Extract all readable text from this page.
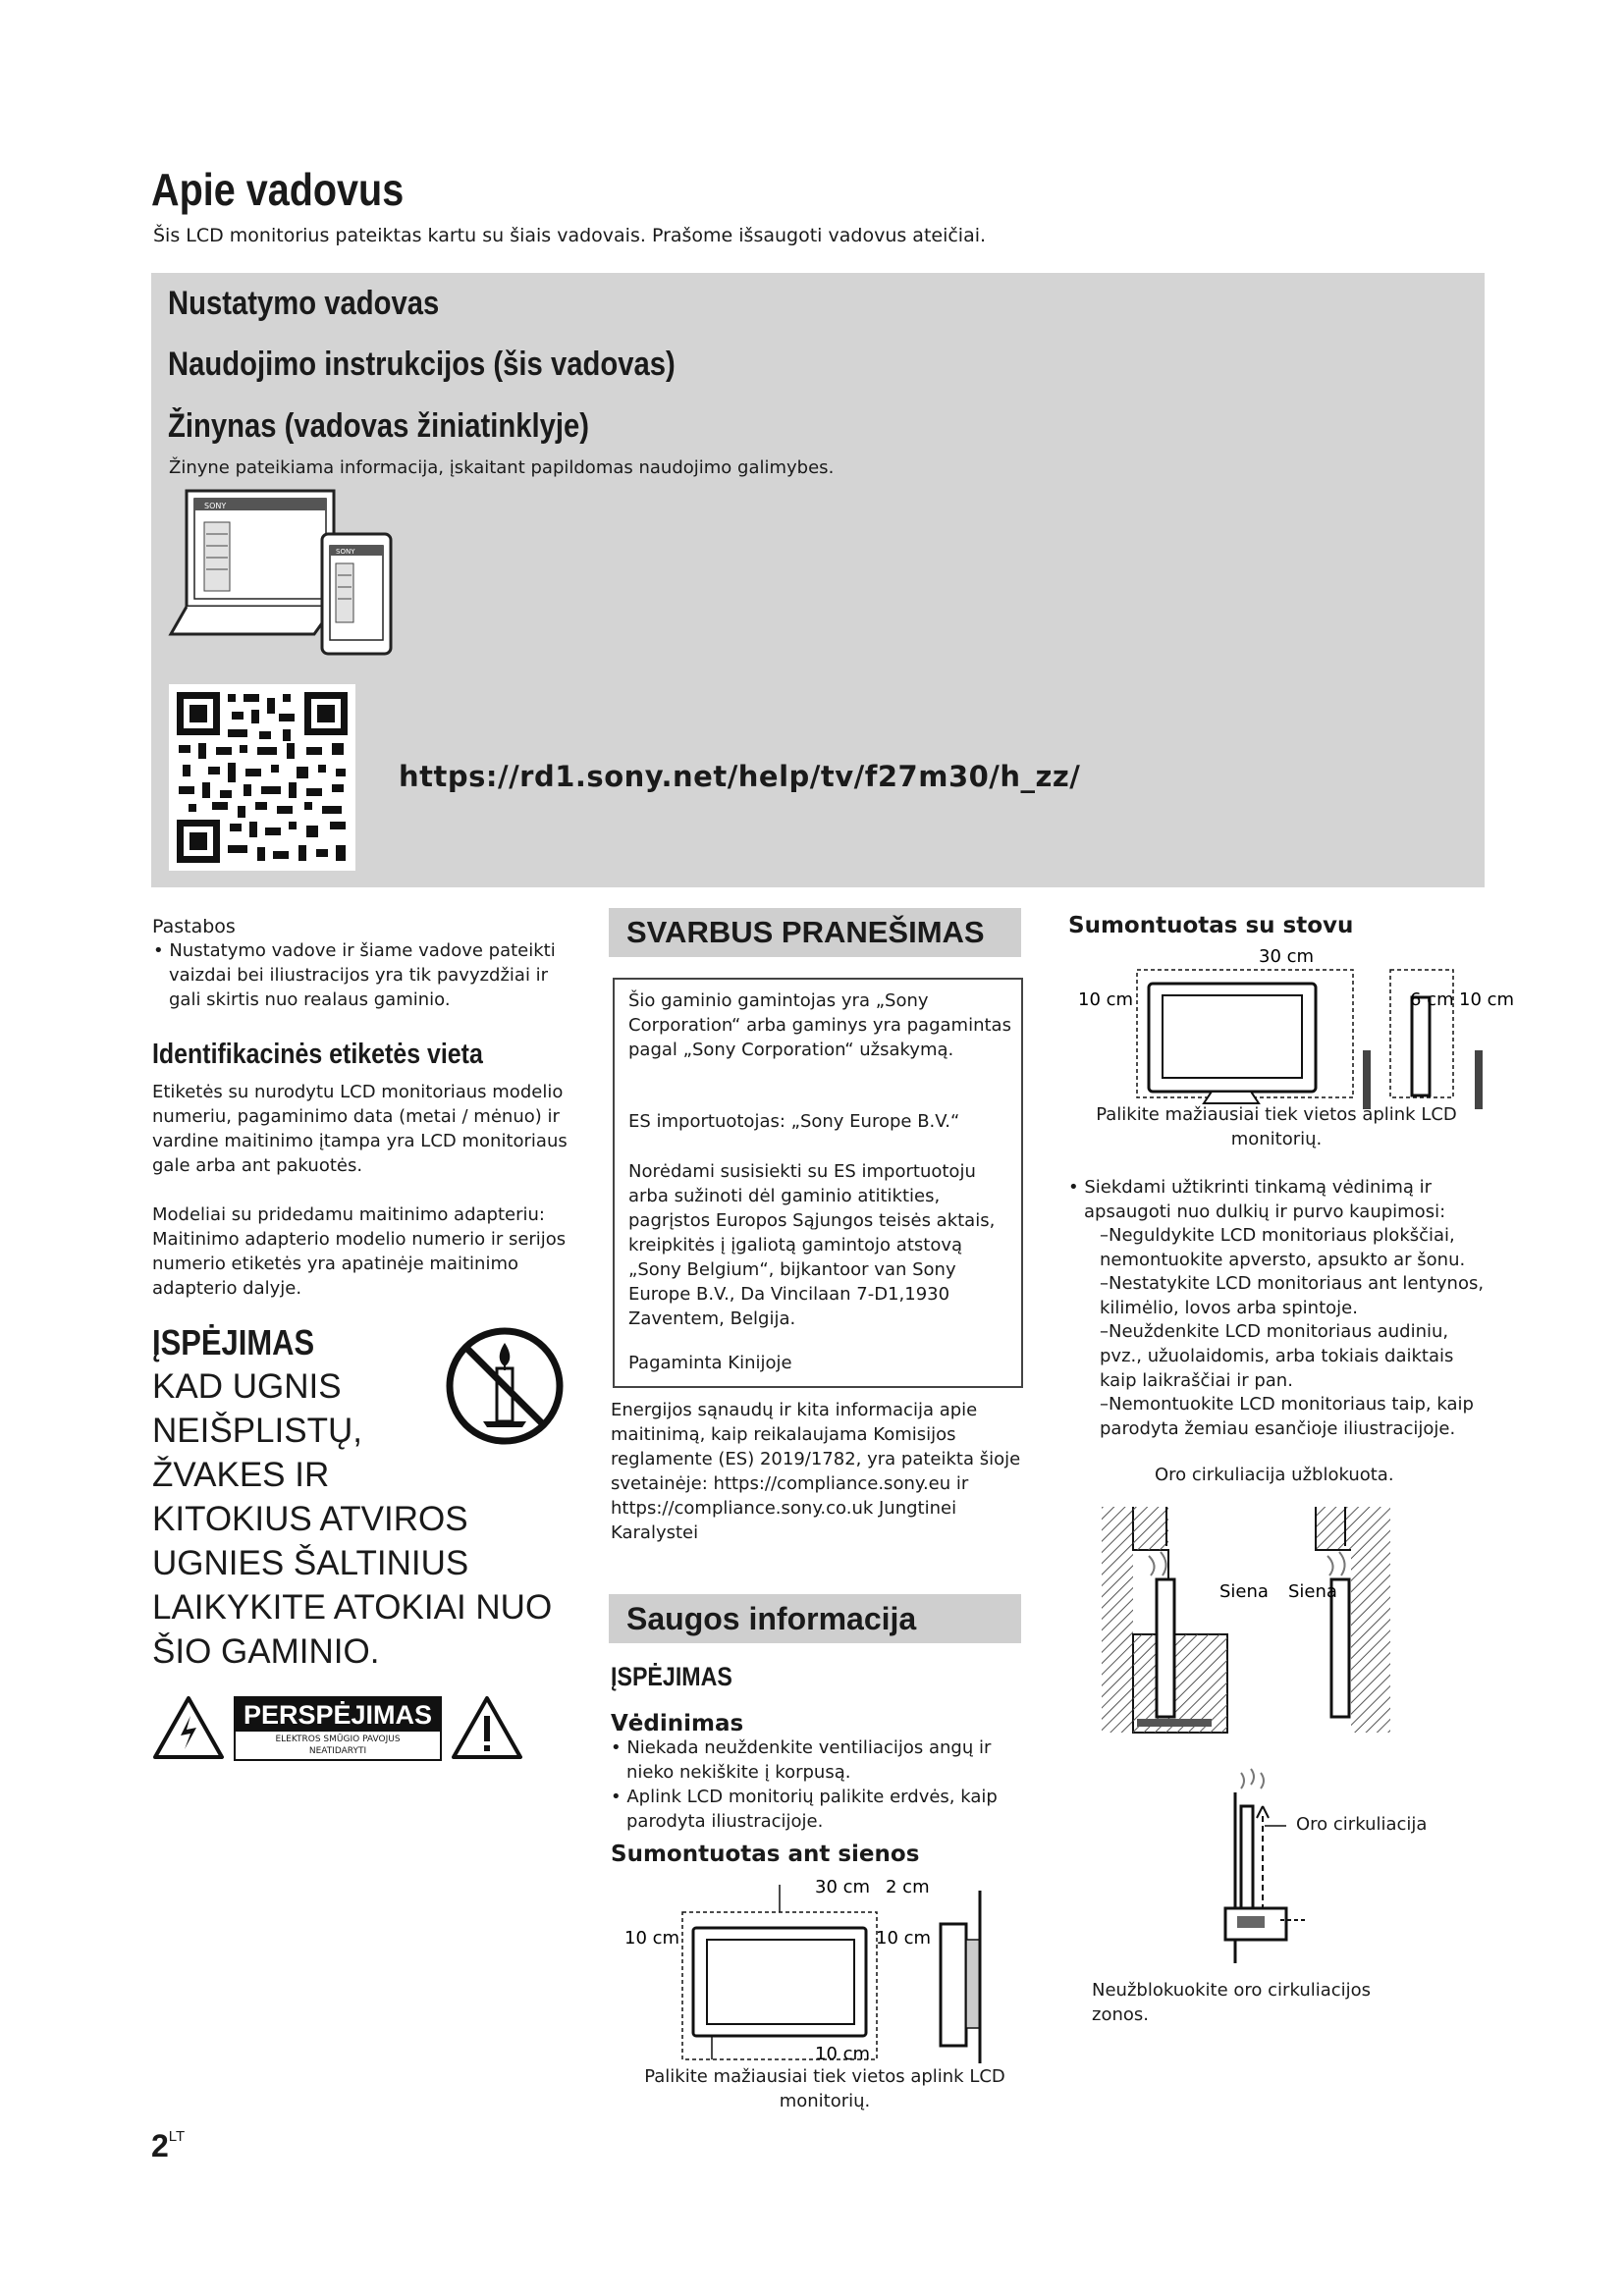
Apie vadovus
Šis LCD monitorius pateiktas kartu su šiais vadovais. Prašome išsaugoti vadovus ateičiai.
Nustatymo vadovas
Naudojimo instrukcijos (šis vadovas)
Žinynas (vadovas žiniatinklyje)
Žinyne pateikiama informacija, įskaitant papildomas naudojimo galimybes.
SONY
SONY
https://rd1.sony.net/help/tv/f27m30/h_zz/
Pastabos
• Nustatymo vadove ir šiame vadove pateikti vaizdai bei iliustracijos yra tik pavyzdžiai ir gali skirtis nuo realaus gaminio.
Identifikacinės etiketės vieta
Etiketės su nurodytu LCD monitoriaus modelio numeriu, pagaminimo data (metai / mėnuo) ir vardine maitinimo įtampa yra LCD monitoriaus gale arba ant pakuotės.
Modeliai su pridedamu maitinimo adapteriu:
Maitinimo adapterio modelio numerio ir serijos numerio etiketės yra apatinėje maitinimo adapterio dalyje.
ĮSPĖJIMAS
KAD UGNIS
NEIŠPLISTŲ,
ŽVAKES IR
KITOKIUS ATVIROS
UGNIES ŠALTINIUS
LAIKYKITE ATOKIAI NUO
ŠIO GAMINIO.
PERSPĖJIMAS
ELEKTROS SMŪGIO PAVOJUS
NEATIDARYTI
SVARBUS PRANEŠIMAS
Šio gaminio gamintojas yra „Sony Corporation“ arba gaminys yra pagamintas pagal „Sony Corporation“ užsakymą.
ES importuotojas: „Sony Europe B.V.“
Norėdami susisiekti su ES importuotoju arba sužinoti dėl gaminio atitikties, pagrįstos Europos Sąjungos teisės aktais, kreipkitės į įgaliotą gamintojo atstovą „Sony Belgium“, bijkantoor van Sony Europe B.V., Da Vincilaan 7-D1,1930 Zaventem, Belgija.
Pagaminta Kinijoje
Energijos sąnaudų ir kita informacija apie maitinimą, kaip reikalaujama Komisijos reglamente (ES) 2019/1782, yra pateikta šioje svetainėje: https://compliance.sony.eu ir https://compliance.sony.co.uk Jungtinei Karalystei
Saugos informacija
ĮSPĖJIMAS
Vėdinimas
• Niekada neuždenkite ventiliacijos angų ir nieko nekiškite į korpusą.
• Aplink LCD monitorių palikite erdvės, kaip parodyta iliustracijoje.
Sumontuotas ant sienos
30 cm 2 cm
10 cm	10 cm
10 cm
Palikite mažiausiai tiek vietos aplink LCD monitorių.
Sumontuotas su stovu
30 cm
10 cm	6 cm 10 cm
Palikite mažiausiai tiek vietos aplink LCD monitorių.
• Siekdami užtikrinti tinkamą vėdinimą ir apsaugoti nuo dulkių ir purvo kaupimosi:
–Neguldykite LCD monitoriaus plokščiai, nemontuokite apversto, apsukto ar šonu.
–Nestatykite LCD monitoriaus ant lentynos, kilimėlio, lovos arba spintoje.
–Neuždenkite LCD monitoriaus audiniu, pvz., užuolaidomis, arba tokiais daiktais kaip laikraščiai ir pan.
–Nemontuokite LCD monitoriaus taip, kaip parodyta žemiau esančioje iliustracijoje.
Oro cirkuliacija užblokuota.
Siena Siena
Oro cirkuliacija
Neužblokuokite oro cirkuliacijos zonos.
$2^{LT}$
